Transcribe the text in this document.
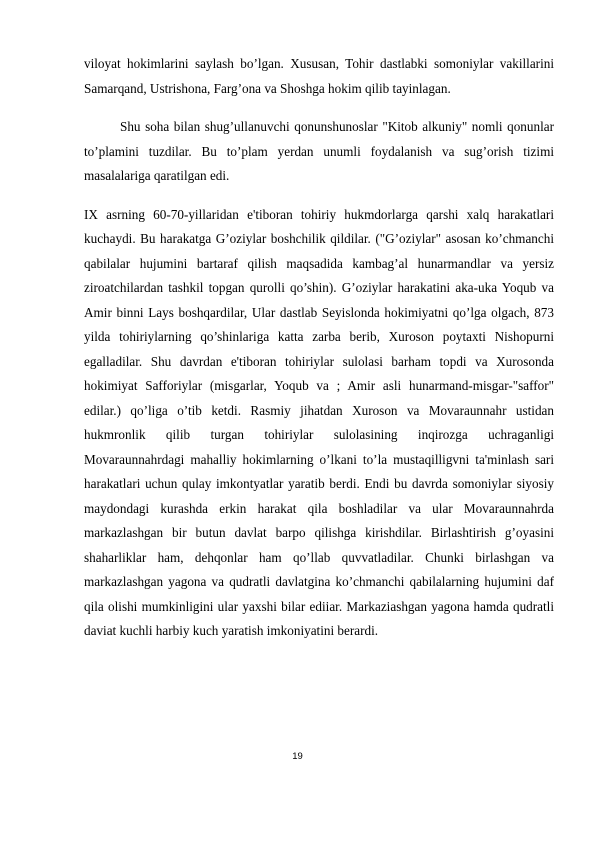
viloyat hokimlarini saylash bo’lgan. Xususan, Tohir dastlabki somoniylar vakillarini Samarqand, Ustrishona, Farg’ona va Shoshga hokim qilib tayinlagan.

Shu soha bilan shug’ullanuvchi qonunshunoslar "Kitob alkuniy" nomli qonunlar to’plamini tuzdilar. Bu to’plam yerdan unumli foydalanish va sug’orish tizimi masalalariga qaratilgan edi.

IX asrning 60-70-yillaridan e'tiboran tohiriy hukmdorlarga qarshi xalq harakatlari kuchaydi. Bu harakatga G’oziylar boshchilik qildilar. ("G’oziylar" asosan ko’chmanchi qabilalar hujumini bartaraf qilish maqsadida kambag’al hunarmandlar va yersiz ziroatchilardan tashkil topgan qurolli qo’shin). G’oziylar harakatini aka-uka Yoqub va Amir binni Lays boshqardilar, Ular dastlab Seyislonda hokimiyatni qo’lga olgach, 873 yilda tohiriylarning qo’shinlariga katta zarba berib, Xuroson poytaxti Nishopurni egalladilar. Shu davrdan e'tiboran tohiriylar sulolasi barham topdi va Xurosonda hokimiyat Safforiylar (misgarlar, Yoqub va ; Amir asli hunarmand-misgar-"saffor" edilar.) qo’liga o’tib ketdi. Rasmiy jihatdan Xuroson va Movaraunnahr ustidan hukmronlik qilib turgan tohiriylar sulolasining inqirozga uchraganligi Movaraunnahrdagi mahalliy hokimlarning o’lkani to’la mustaqilligvni ta'minlash sari harakatlari uchun qulay imkontyatlar yaratib berdi. Endi bu davrda somoniylar siyosiy maydondagi kurashda erkin harakat qila boshladilar va ular Movaraunnahrda markazlashgan bir butun davlat barpo qilishga kirishdilar. Birlashtirish g’oyasini shaharliklar ham, dehqonlar ham qo’llab quvvatladilar. Chunki birlashgan va markazlashgan yagona va qudratli davlatgina ko’chmanchi qabilalarning hujumini daf qila olishi mumkinligini ular yaxshi bilar ediiar. Markaziashgan yagona hamda qudratli daviat kuchli harbiy kuch yaratish imkoniyatini berardi.

19
